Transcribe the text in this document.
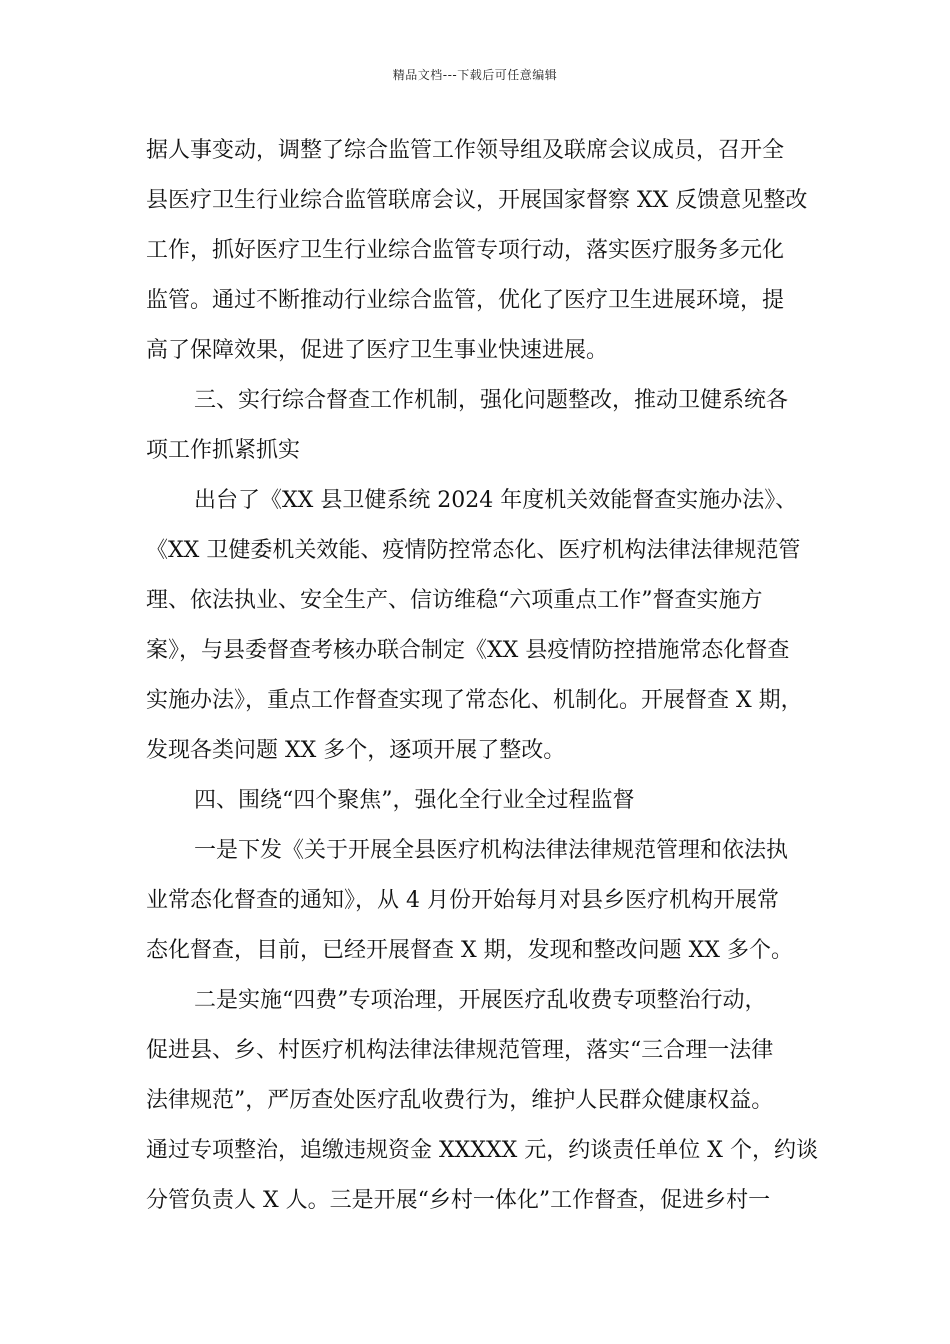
精品文档---下载后可任意编辑
据人事变动，调整了综合监管工作领导组及联席会议成员，召开全
县医疗卫生行业综合监管联席会议，开展国家督察 XX 反馈意见整改
工作，抓好医疗卫生行业综合监管专项行动，落实医疗服务多元化
监管。通过不断推动行业综合监管，优化了医疗卫生进展环境，提
高了保障效果，促进了医疗卫生事业快速进展。
三、实行综合督查工作机制，强化问题整改，推动卫健系统各
项工作抓紧抓实
出台了《XX 县卫健系统 2024 年度机关效能督查实施办法》、
《XX 卫健委机关效能、疫情防控常态化、医疗机构法律法律规范管
理、依法执业、安全生产、信访维稳“六项重点工作”督查实施方
案》，与县委督查考核办联合制定《XX 县疫情防控措施常态化督查
实施办法》，重点工作督查实现了常态化、机制化。开展督查 X 期，
发现各类问题 XX 多个，逐项开展了整改。
四、围绕“四个聚焦”，强化全行业全过程监督
一是下发《关于开展全县医疗机构法律法律规范管理和依法执
业常态化督查的通知》，从 4 月份开始每月对县乡医疗机构开展常
态化督查，目前，已经开展督查 X 期，发现和整改问题 XX 多个。
二是实施“四费”专项治理，开展医疗乱收费专项整治行动，
促进县、乡、村医疗机构法律法律规范管理，落实“三合理一法律
法律规范”，严厉查处医疗乱收费行为，维护人民群众健康权益。
通过专项整治，追缴违规资金 XXXXX 元，约谈责任单位 X 个，约谈
分管负责人 X 人。三是开展“乡村一体化”工作督查，促进乡村一
